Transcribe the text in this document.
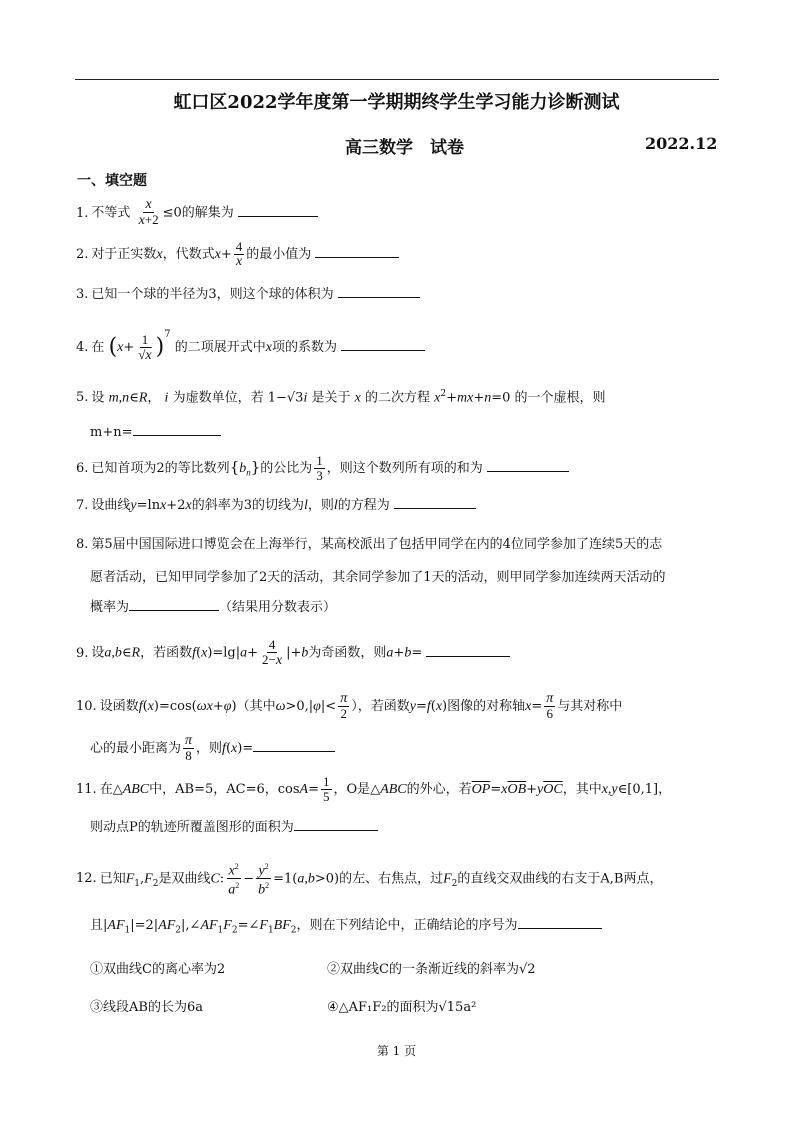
虹口区2022学年度第一学期期终学生学习能力诊断测试
高三数学　试卷	2022.12
一、填空题
1. 不等式 $\frac{x}{x+2} \le 0$的解集为
2. 对于正实数x，代数式$x+ \frac{4}{x}$ 的最小值为
3. 已知一个球的半径为3，则这个球的体积为
4. 在 $(x+ \frac{1}{√x} )^7$ 的二项展开式中x项的系数为
5. 设 m,n∈R， i 为虚数单位，若 1−√3i 是关于 x 的二次方程 $x^2+mx+n=0$ 的一个虚根，则
m+n=
6. 已知首项为2的等比数列$\{b_n\}$的公比为 $\frac{1}{3}$ ，则这个数列所有项的和为
7. 设曲线y=lnx+2x的斜率为3的切线为l，则l的方程为
8. 第5届中国国际进口博览会在上海举行，某高校派出了包括甲同学在内的4位同学参加了连续5天的志
愿者活动，已知甲同学参加了2天的活动，其余同学参加了1天的活动，则甲同学参加连续两天活动的
概率为	（结果用分数表示）
9. 设a,b∈R，若函数$f(x)=\lg|a+ \frac{4}{2-x} |+b$为奇函数，则a+b=
10. 设函数f(x)=cos(ωx+φ)（其中$\omega>0,|\varphi|< \frac{\pi}{2}$ ），若函数y=f(x)图像的对称轴$x= \frac{\pi}{6}$ 与其对称中
心的最小距离为 $\frac{\pi}{8}$ ，则f(x)=
11. 在△ABC中，AB=5，AC=6，$\cos A= \frac{1}{5}$ ，O是△ABC的外心，若$\overline{OP}=x\overline{OB}+y\overline{OC}$，其中x,y∈[0,1]，
则动点P的轨迹所覆盖图形的面积为
12. 已知$F_1,F_2$是双曲线C: $\frac{x^2}{a^2} - \frac{y^2}{b^2} =1(a,b>0)$的左、右焦点，过$F_2$的直线交双曲线的右支于A,B两点，
且$|AF_1|=2|AF_2|,\angle AF_1F_2=\angle F_1BF_2$，则在下列结论中，正确结论的序号为
①双曲线C的离心率为2	②双曲线C的一条渐近线的斜率为√2
③线段AB的长为6a	④△AF₁F₂的面积为√15a²
第 1 页
